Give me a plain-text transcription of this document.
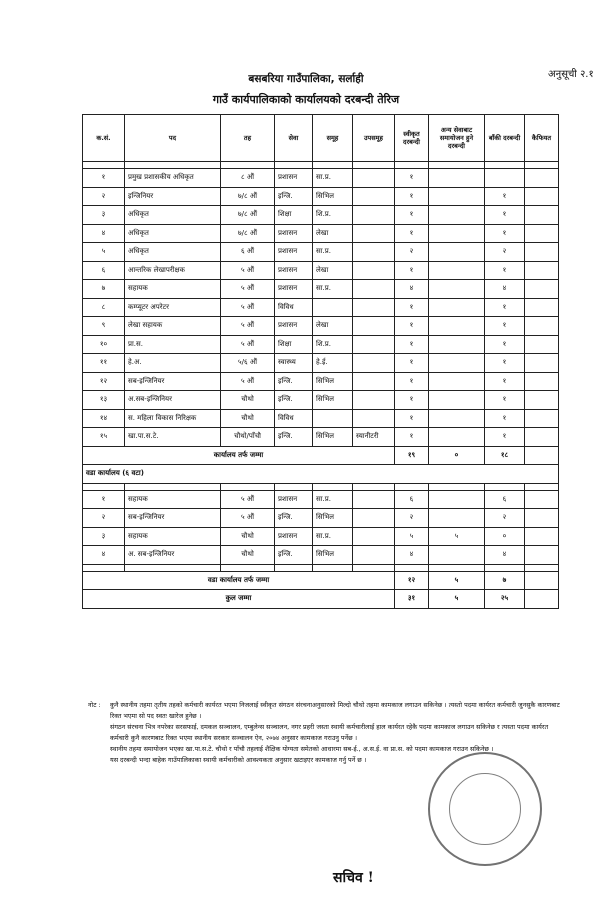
अनुसूची २.१
बसबरिया गाउँपालिका, सर्लाही
गाउँ कार्यपालिकाको कार्यालयको दरबन्दी तेरिज
क.सं.	पद	तह	सेवा	समूह	उपसमूह	स्वीकृत दरबन्दी	अन्य सेवाबाट समायोजन हुने दरबन्दी	बाँकी दरबन्दी	कैफियत

१	प्रमुख प्रशासकीय अधिकृत	८ औं	प्रशासन	सा.प्र.		१			
२	इन्जिनियर	७/८ औं	इन्जि.	सिभिल		१		१	
३	अधिकृत	७/८ औं	शिक्षा	शि.प्र.		१		१	
४	अधिकृत	७/८ औं	प्रशासन	लेखा		१		१	
५	अधिकृत	६ औं	प्रशासन	सा.प्र.		२		२	
६	आन्तरिक लेखापरीक्षक	५ औं	प्रशासन	लेखा		१		१	
७	सहायक	५ औं	प्रशासन	सा.प्र.		४		४	
८	कम्प्यूटर अपरेटर	५ औं	विविध			१		१	
९	लेखा सहायक	५ औं	प्रशासन	लेखा		१		१	
१०	प्रा.स.	५ औं	शिक्षा	शि.प्र.		१		१	
११	हे.अ.	५/६ औं	स्वास्थ्य	हे.ई.		१		१	
१२	सब-इन्जिनियर	५ औं	इन्जि.	सिभिल		१		१	
१३	अ.सब-इन्जिनियर	चौथो	इन्जि.	सिभिल		१		१	
१४	स. महिला विकास निरिक्षक	चौथो	विविध			१		१	
१५	खा.पा.स.टे.	चौथो/पाँचौ	इन्जि.	सिभिल	स्यानीटरी	१		१	
कार्यालय तर्फ जम्मा						१९	०	१८	
वडा कार्यालय (६ वटा)									

१	सहायक	५ औं	प्रशासन	सा.प्र.		६		६	
२	सब-इन्जिनियर	५ औं	इन्जि.	सिभिल		२		२	
३	सहायक	चौथो	प्रशासन	सा.प्र.		५	५	०	
४	अ. सब-इन्जिनियर	चौथो	इन्जि.	सिभिल		४		४	

वडा कार्यालय तर्फ जम्मा						१२	५	७	
कुल जम्मा						३१	५	२५	
नोट : कुनै स्थानीय तहमा तृतीय तहको कर्मचारी कार्यरत भएमा निजलाई स्वीकृत संगठन संरचनाअनुसारको मिल्दो चौथो तहमा कामकाज लगाउन सकिनेछ । त्यस्तो पदमा कार्यरत कर्मचारी जुनसुकै कारणबाट रिक्त भएमा सो पद स्वतः खारेज हुनेछ ।

संगठन संरचना भित्र नपरेका सरसफाई, दमकल सञ्चालन, एम्बुलेन्स सञ्चालन, नगर प्रहरी जस्ता स्थायी कर्मचारीलाई हाल कार्यरत रहेकै पदमा कामकाज लगाउन सकिनेछ र त्यस्ता पदमा कार्यरत कर्मचारी कुनै कारणबाट रिक्त भएमा स्थानीय सरकार सञ्चालन ऐन, २०७४ अनुसार कामकाज गराउनु पर्नेछ ।

स्थानीय तहमा समायोजन भएका खा.पा.स.टे. चौथो र पाँचौ तहलाई शैक्षिक योग्यता समेतको आधारमा सब-ई., अ.स.ई. वा प्रा.स. को पदमा कामकाज गराउन सकिनेछ ।

यस दरबन्दी भन्दा बाहेक गाउँपालिकाका स्थायी कर्मचारीको आवश्यकता अनुसार खटाइएर कामकाज गर्नु पर्ने छ ।

सचिव !
